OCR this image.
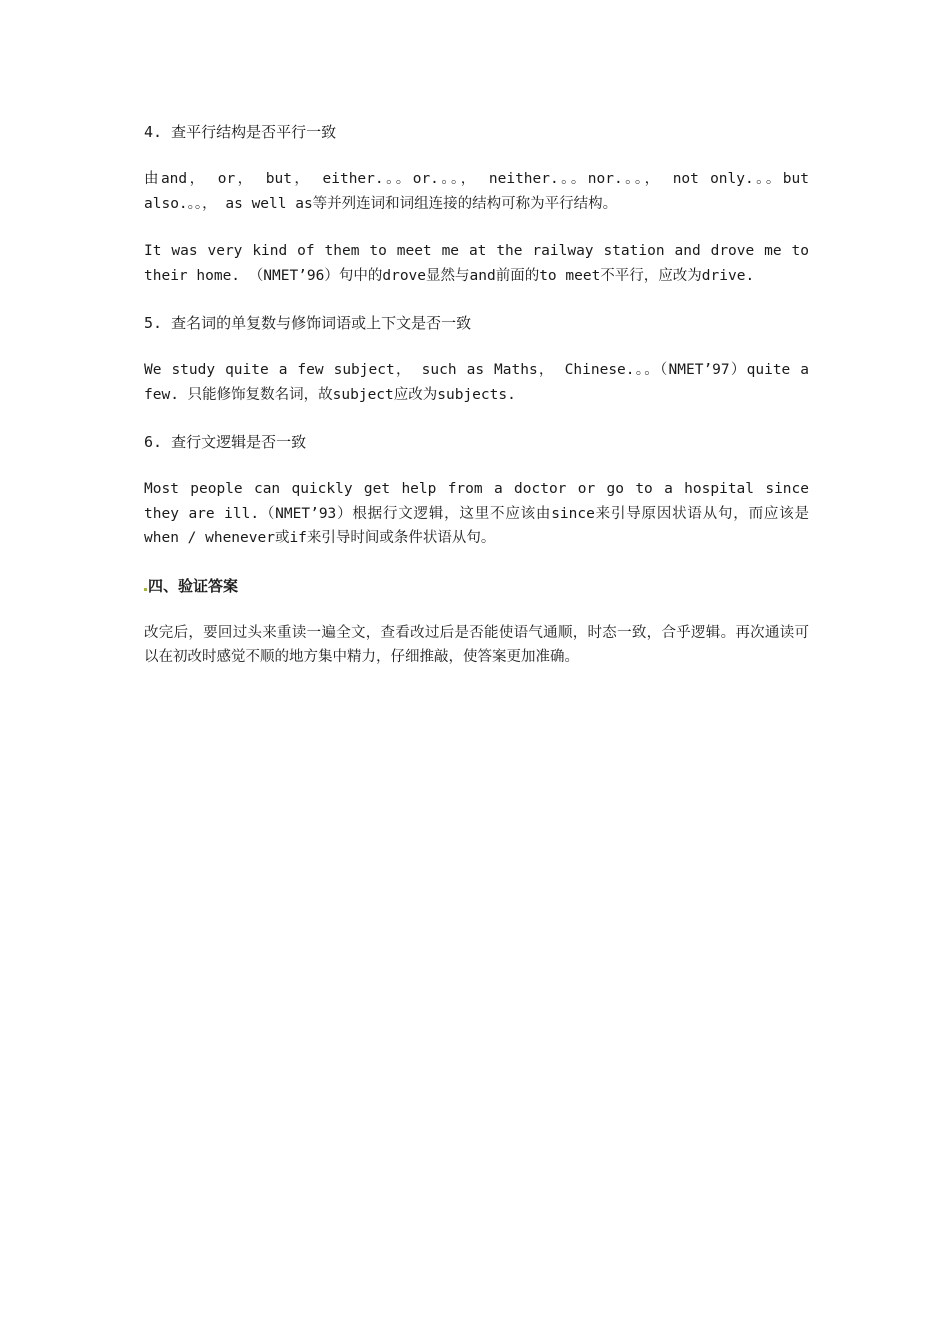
4. 查平行结构是否平行一致
由and， or， but， either.。。or.。。， neither.。。nor.。。， not only.。。but also.。。， as well as等并列连词和词组连接的结构可称为平行结构。
It was very kind of them to meet me at the railway station and drove me to their home. （NMET’96）句中的drove显然与and前面的to meet不平行，应改为drive.
5. 查名词的单复数与修饰词语或上下文是否一致
We study quite a few subject， such as Maths， Chinese.。。（NMET’97）quite a few. 只能修饰复数名词，故subject应改为subjects.
6. 查行文逻辑是否一致
Most people can quickly get help from a doctor or go to a hospital since they are ill.（NMET’93）根据行文逻辑，这里不应该由since来引导原因状语从句，而应该是when / whenever或if来引导时间或条件状语从句。
四、验证答案
改完后，要回过头来重读一遍全文，查看改过后是否能使语气通顺，时态一致，合乎逻辑。再次通读可以在初改时感觉不顺的地方集中精力，仔细推敲，使答案更加准确。
